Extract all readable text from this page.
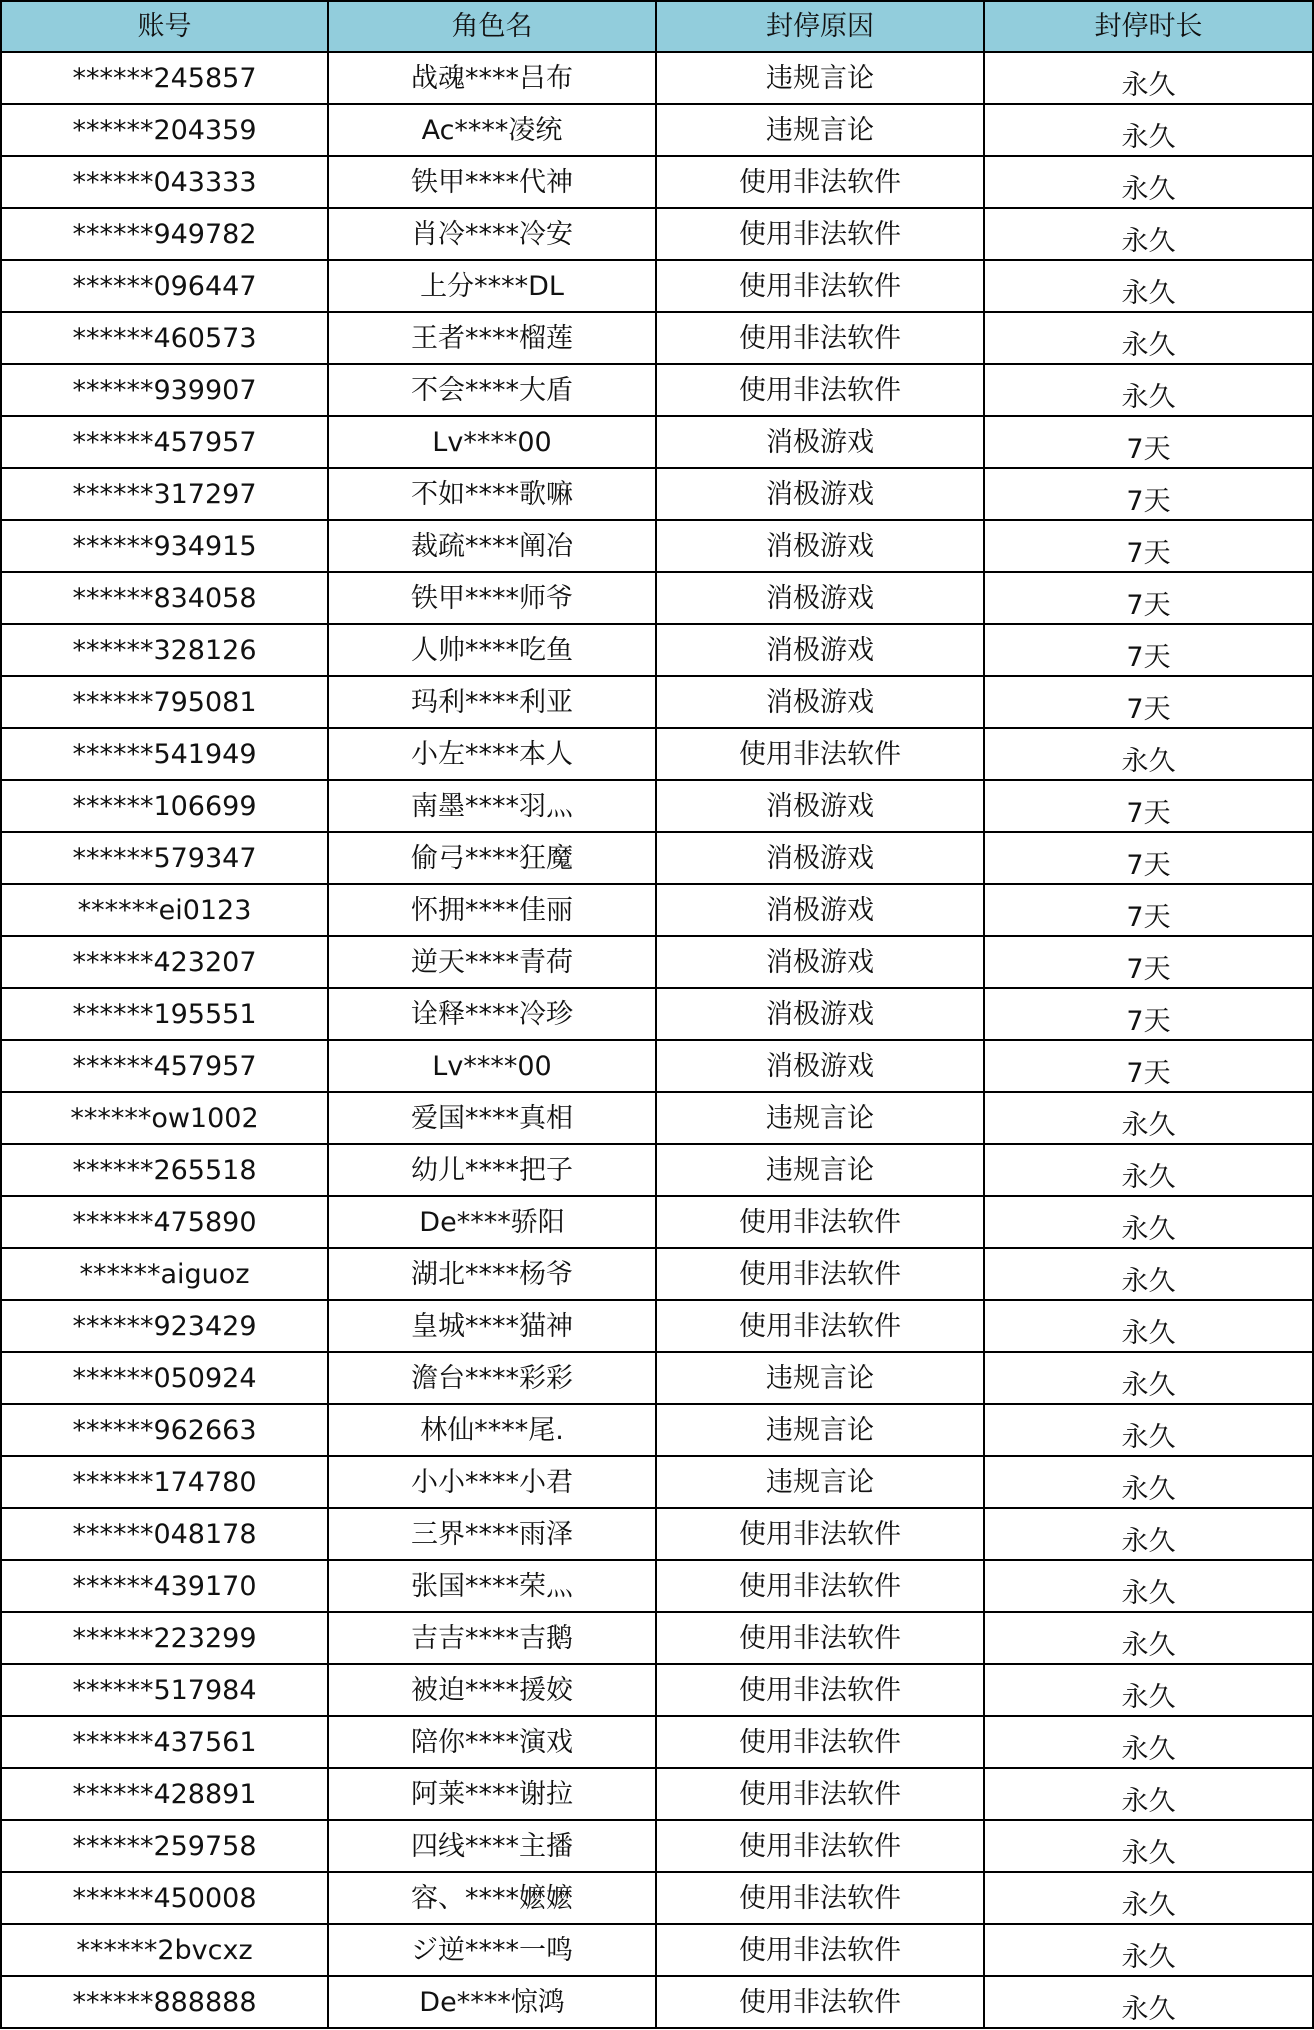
账号	角色名	封停原因	封停时长
******245857	战魂****吕布	违规言论	永久
******204359	Ac****凌统	违规言论	永久
******043333	铁甲****代神	使用非法软件	永久
******949782	肖冷****冷安	使用非法软件	永久
******096447	上分****DL	使用非法软件	永久
******460573	王者****榴莲	使用非法软件	永久
******939907	不会****大盾	使用非法软件	永久
******457957	Lv****00	消极游戏	7天
******317297	不如****歌嘛	消极游戏	7天
******934915	裁疏****阐冶	消极游戏	7天
******834058	铁甲****师爷	消极游戏	7天
******328126	人帅****吃鱼	消极游戏	7天
******795081	玛利****利亚	消极游戏	7天
******541949	小左****本人	使用非法软件	永久
******106699	南墨****羽灬	消极游戏	7天
******579347	偷弓****狂魔	消极游戏	7天
******ei0123	怀拥****佳丽	消极游戏	7天
******423207	逆天****青荷	消极游戏	7天
******195551	诠释****冷珍	消极游戏	7天
******457957	Lv****00	消极游戏	7天
******ow1002	爱国****真相	违规言论	永久
******265518	幼儿****把子	违规言论	永久
******475890	De****骄阳	使用非法软件	永久
******aiguoz	湖北****杨爷	使用非法软件	永久
******923429	皇城****猫神	使用非法软件	永久
******050924	澹台****彩彩	违规言论	永久
******962663	林仙****尾.	违规言论	永久
******174780	小小****小君	违规言论	永久
******048178	三界****雨泽	使用非法软件	永久
******439170	张国****荣灬	使用非法软件	永久
******223299	吉吉****吉鹅	使用非法软件	永久
******517984	被迫****援姣	使用非法软件	永久
******437561	陪你****演戏	使用非法软件	永久
******428891	阿莱****谢拉	使用非法软件	永久
******259758	四线****主播	使用非法软件	永久
******450008	容、****嬷嬷	使用非法软件	永久
******2bvcxz	ジ逆****一鸣	使用非法软件	永久
******888888	De****惊鸿	使用非法软件	永久
